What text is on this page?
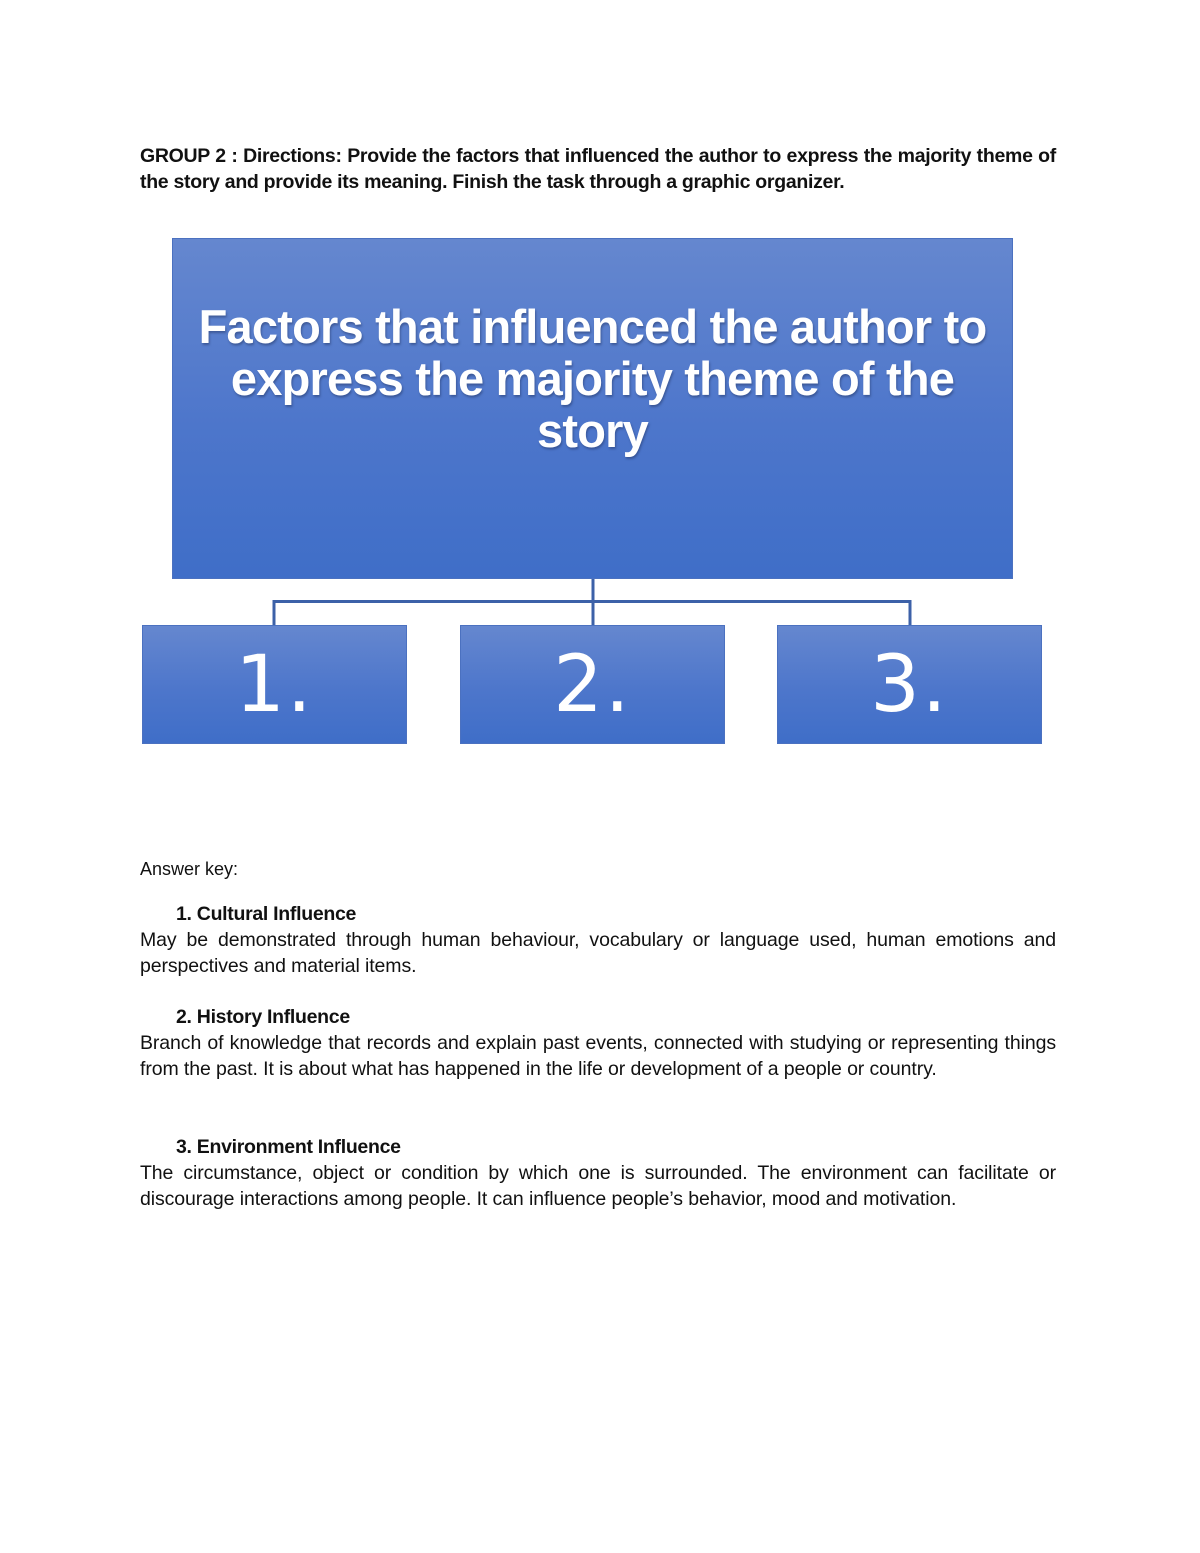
GROUP 2 : Directions: Provide the factors that influenced the author to express the majority theme of the story and provide its meaning. Finish the task through a graphic organizer.

Factors that influenced the author to express the majority theme of the story
1.	2.	3.

Answer key:

1. Cultural Influence

May be demonstrated through human behaviour, vocabulary or language used, human emotions and perspectives and material items.

2. History Influence

Branch of knowledge that records and explain past events, connected with studying or representing things from the past. It is about what has happened in the life or development of a people or country.

3. Environment Influence

The circumstance, object or condition by which one is surrounded. The environment can facilitate or discourage interactions among people. It can influence people’s behavior, mood and motivation.
